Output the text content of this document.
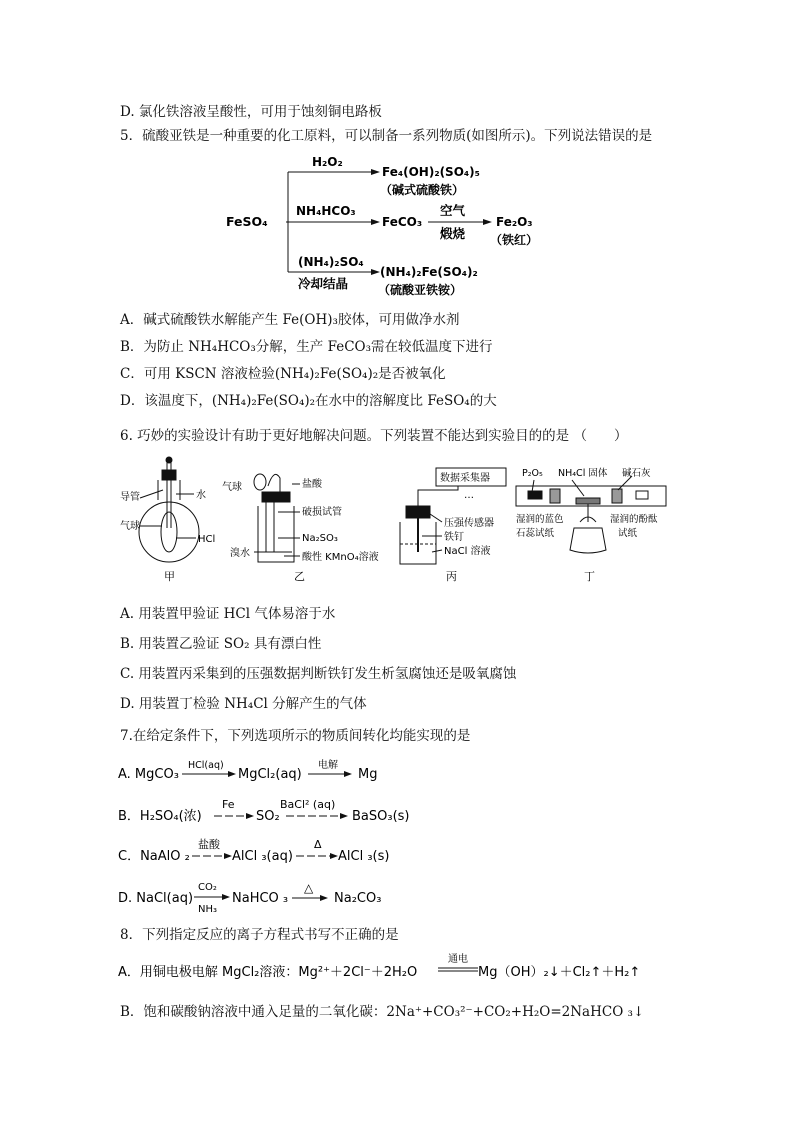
D. 氯化铁溶液呈酸性，可用于蚀刻铜电路板
5．硫酸亚铁是一种重要的化工原料，可以制备一系列物质(如图所示)。下列说法错误的是
FeSO₄
H₂O₂
Fe₄(OH)₂(SO₄)₅
（碱式硫酸铁）
NH₄HCO₃
FeCO₃
空气
煅烧
Fe₂O₃
（铁红）
(NH₄)₂SO₄
冷却结晶
(NH₄)₂Fe(SO₄)₂
（硫酸亚铁铵）
A．碱式硫酸铁水解能产生 Fe(OH)₃胶体，可用做净水剂
B．为防止 NH₄HCO₃分解，生产 FeCO₃需在较低温度下进行
C．可用 KSCN 溶液检验(NH₄)₂Fe(SO₄)₂是否被氧化
D．该温度下，(NH₄)₂Fe(SO₄)₂在水中的溶解度比 FeSO₄的大
6. 巧妙的实验设计有助于更好地解决问题。下列装置不能达到实验目的的是 （　　）
导管	水
气球
HCl
甲
气球	盐酸
破损试管
Na₂SO₃
溴水	酸性 KMnO₄溶液
乙
数据采集器
…
压强传感器
铁钉
NaCl 溶液
丙
P₂O₅ NH₄Cl 固体 碱石灰
湿润的蓝色
石蕊试纸
湿润的酚酞
试纸
丁
A. 用装置甲验证 HCl 气体易溶于水
B. 用装置乙验证 SO₂ 具有漂白性
C. 用装置丙采集到的压强数据判断铁钉发生析氢腐蚀还是吸氧腐蚀
D. 用装置丁检验 NH₄Cl 分解产生的气体
7.在给定条件下，下列选项所示的物质间转化均能实现的是
A. MgCO₃
HCl(aq)
MgCl₂(aq)
电解
Mg
B．H₂SO₄(浓)
Fe
SO₂
BaCl² (aq)
BaSO₃(s)
C．NaAlO ₂
盐酸
AlCl ₃(aq)
Δ
AlCl ₃(s)
D. NaCl(aq)
CO₂
NH₃
NaHCO ₃
△
Na₂CO₃
8．下列指定反应的离子方程式书写不正确的是
A．用铜电极电解 MgCl₂溶液：Mg²⁺＋2Cl⁻＋2H₂O
通电
Mg（OH）₂↓＋Cl₂↑＋H₂↑
B．饱和碳酸钠溶液中通入足量的二氧化碳：2Na⁺+CO₃²⁻+CO₂+H₂O=2NaHCO ₃↓
